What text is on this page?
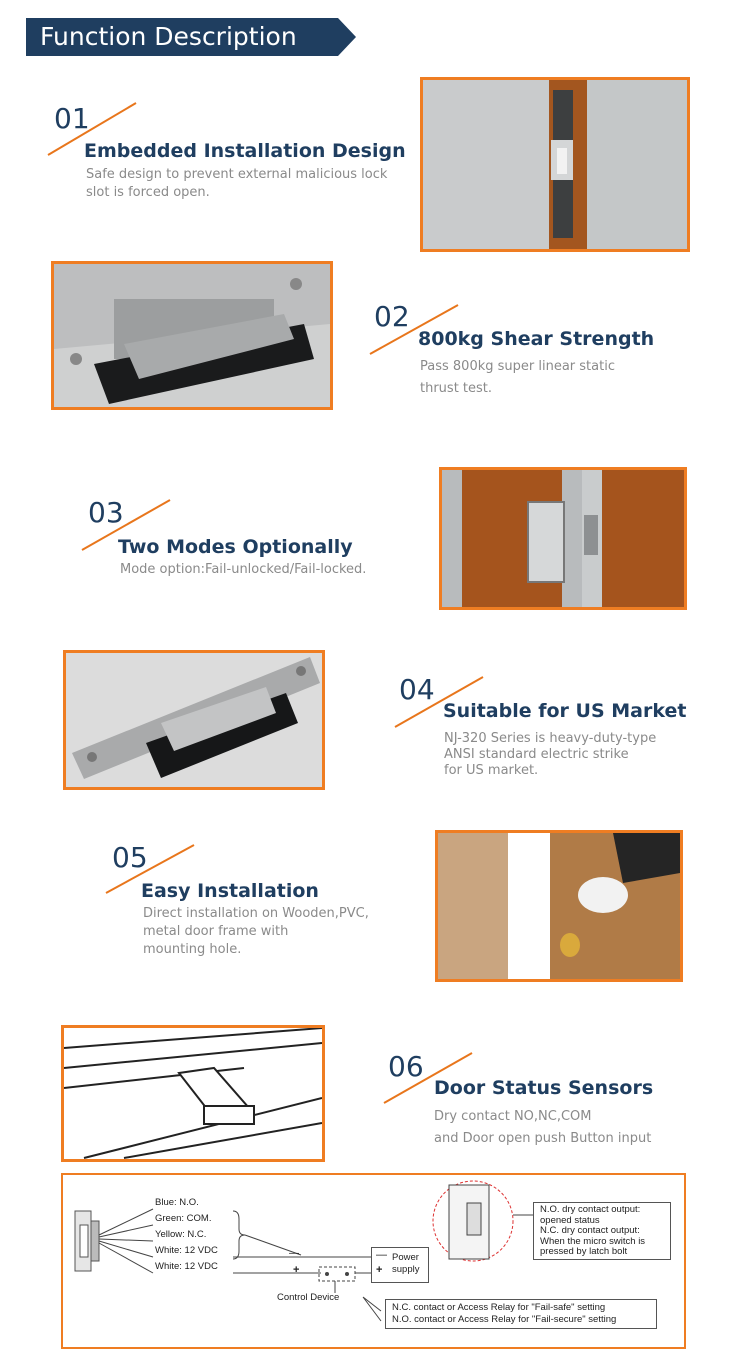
Function Description
01
Embedded Installation Design
Safe design to prevent external malicious lock
slot is forced open.
02
800kg Shear Strength
Pass 800kg super linear static
thrust test.
03
Two Modes Optionally
Mode option:Fail-unlocked/Fail-locked.
04
Suitable for US Market
NJ-320 Series is heavy-duty-type
ANSI standard electric strike
for US market.
05
Easy Installation
Direct installation on Wooden,PVC,
metal door frame with
mounting hole.
06
Door Status Sensors
Dry contact NO,NC,COM
and Door open push Button input
Blue: N.O.
Green: COM.
Yellow: N.C.
White: 12 VDC
White: 12 VDC
—
+
—
+
Power
supply
Control Device
N.O. dry contact output:
opened status
N.C. dry contact output:
When the micro switch is
pressed by latch bolt
N.C. contact or Access Relay for "Fail-safe" setting
N.O. contact or Access Relay for "Fail-secure" setting
